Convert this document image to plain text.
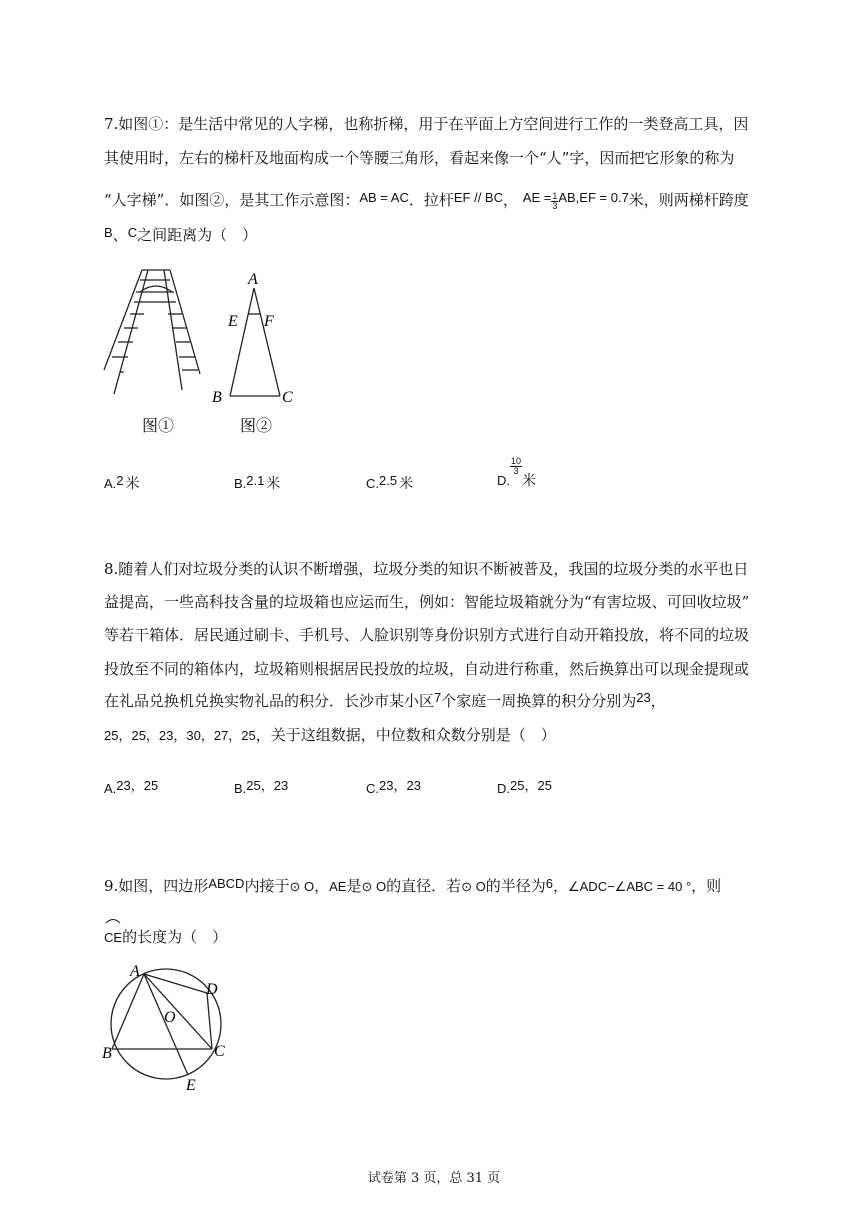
7.如图①：是生活中常见的人字梯，也称折梯，用于在平面上方空间进行工作的一类登高工具，因
其使用时，左右的梯杆及地面构成一个等腰三角形，看起来像一个“人”字，因而把它形象的称为
“人字梯”．如图②，是其工作示意图：AB = AC．拉杆EF // BC， AE = $\frac{1}{3} AB,EF = 0.7$米，则两梯杆跨度
B、C之间距离为（　）
A
E F
B	C
图①	图②
A.2 米	B.2.1 米	C.2.5 米	D.
$\frac{10}{3}$
米
8.随着人们对垃圾分类的认识不断增强，垃圾分类的知识不断被普及，我国的垃圾分类的水平也日
益提高，一些高科技含量的垃圾箱也应运而生，例如：智能垃圾箱就分为“有害垃圾、可回收垃圾”
等若干箱体．居民通过刷卡、手机号、人脸识别等身份识别方式进行自动开箱投放，将不同的垃圾
投放至不同的箱体内，垃圾箱则根据居民投放的垃圾，自动进行称重，然后换算出可以现金提现或
在礼品兑换机兑换实物礼品的积分．长沙市某小区7个家庭一周换算的积分分别为23，
25，25，23，30，27，25，关于这组数据，中位数和众数分别是（　）
A.23，25	B.25，23	C.23，23	D.25，25
9.如图，四边形ABCD内接于⊙ O，AE是⊙ O的直径．若⊙ O的半径为6，∠ADC−∠ABC = 40 °，则
CE的长度为（　）
A
D
O
B	C
E
试卷第 3 页，总 31 页
